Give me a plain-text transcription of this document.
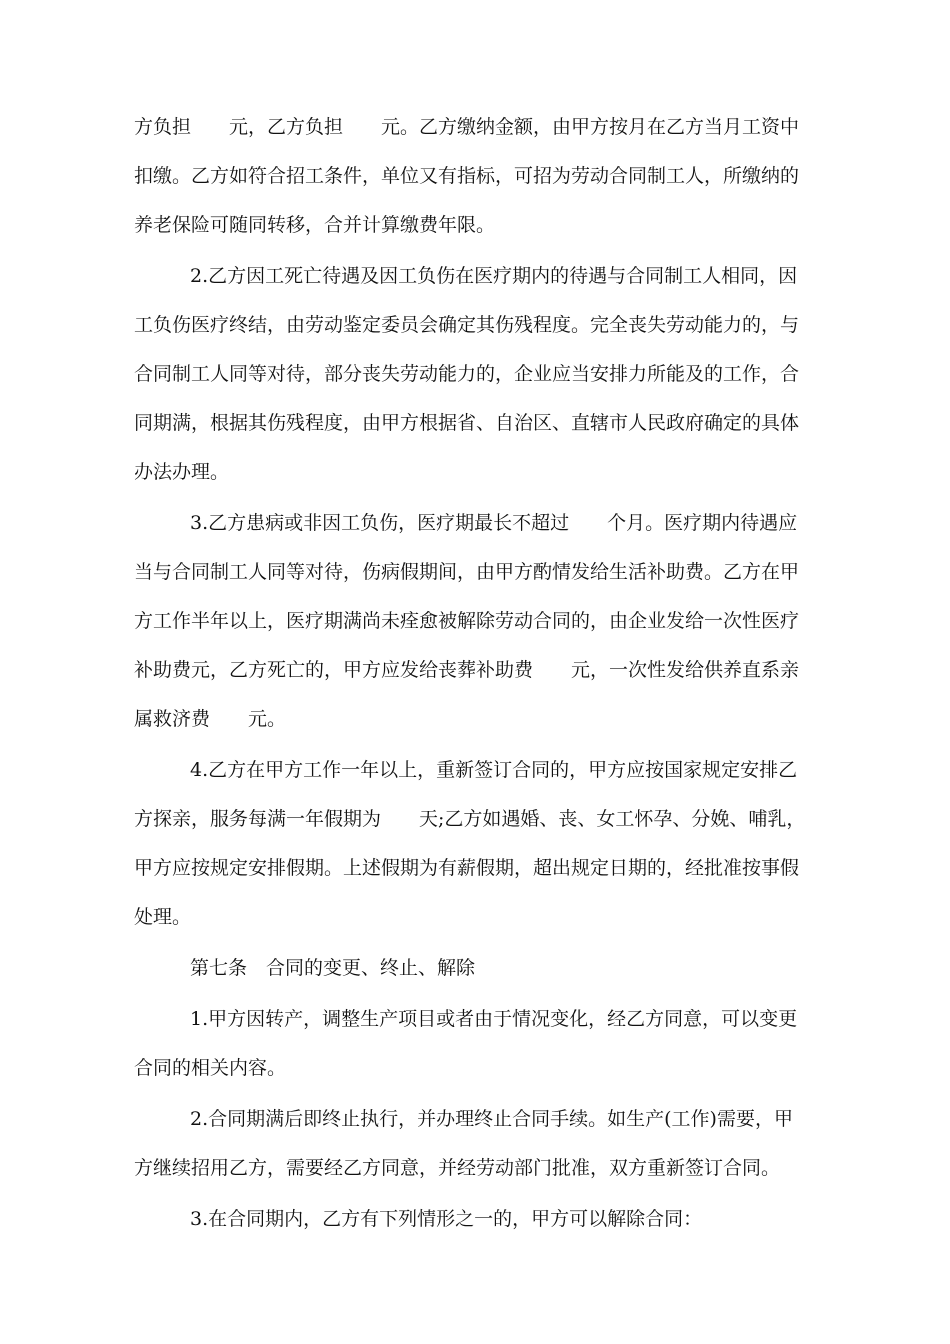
方负担　　元，乙方负担　　元。乙方缴纳金额，由甲方按月在乙方当月工资中
扣缴。乙方如符合招工条件，单位又有指标，可招为劳动合同制工人，所缴纳的
养老保险可随同转移，合并计算缴费年限。
2.乙方因工死亡待遇及因工负伤在医疗期内的待遇与合同制工人相同，因
工负伤医疗终结，由劳动鉴定委员会确定其伤残程度。完全丧失劳动能力的，与
合同制工人同等对待，部分丧失劳动能力的，企业应当安排力所能及的工作，合
同期满，根据其伤残程度，由甲方根据省、自治区、直辖市人民政府确定的具体
办法办理。
3.乙方患病或非因工负伤，医疗期最长不超过　　个月。医疗期内待遇应
当与合同制工人同等对待，伤病假期间，由甲方酌情发给生活补助费。乙方在甲
方工作半年以上，医疗期满尚未痊愈被解除劳动合同的，由企业发给一次性医疗
补助费元，乙方死亡的，甲方应发给丧葬补助费　　元，一次性发给供养直系亲
属救济费　　元。
4.乙方在甲方工作一年以上，重新签订合同的，甲方应按国家规定安排乙
方探亲，服务每满一年假期为　　天;乙方如遇婚、丧、女工怀孕、分娩、哺乳，
甲方应按规定安排假期。上述假期为有薪假期，超出规定日期的，经批准按事假
处理。
第七条　合同的变更、终止、解除
1.甲方因转产，调整生产项目或者由于情况变化，经乙方同意，可以变更
合同的相关内容。
2.合同期满后即终止执行，并办理终止合同手续。如生产(工作)需要，甲
方继续招用乙方，需要经乙方同意，并经劳动部门批准，双方重新签订合同。
3.在合同期内，乙方有下列情形之一的，甲方可以解除合同：
